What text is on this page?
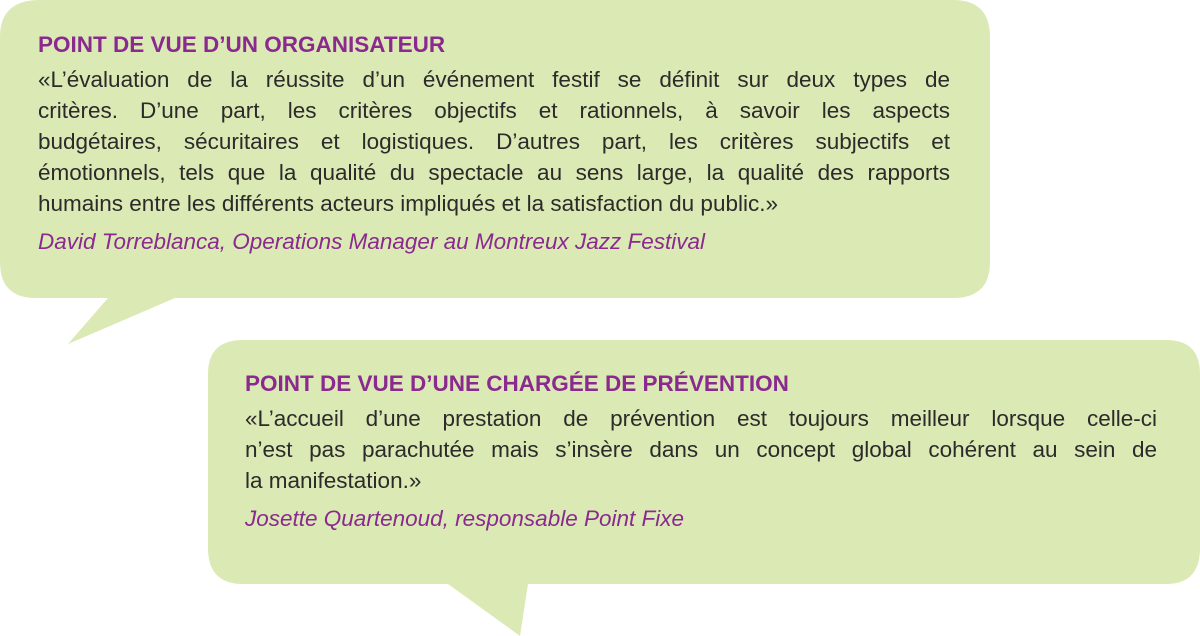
POINT DE VUE D’UN ORGANISATEUR
«L’évaluation de la réussite d’un événement festif se définit sur deux types de
critères. D’une part, les critères objectifs et rationnels, à savoir les aspects
budgétaires, sécuritaires et logistiques. D’autres part, les critères subjectifs et
émotionnels, tels que la qualité du spectacle au sens large, la qualité des rapports
humains entre les différents acteurs impliqués et la satisfaction du public.»
David Torreblanca, Operations Manager au Montreux Jazz Festival
POINT DE VUE D’UNE CHARGÉE DE PRÉVENTION
«L’accueil d’une prestation de prévention est toujours meilleur lorsque celle-ci
n’est pas parachutée mais s’insère dans un concept global cohérent au sein de
la manifestation.»
Josette Quartenoud, responsable Point Fixe
